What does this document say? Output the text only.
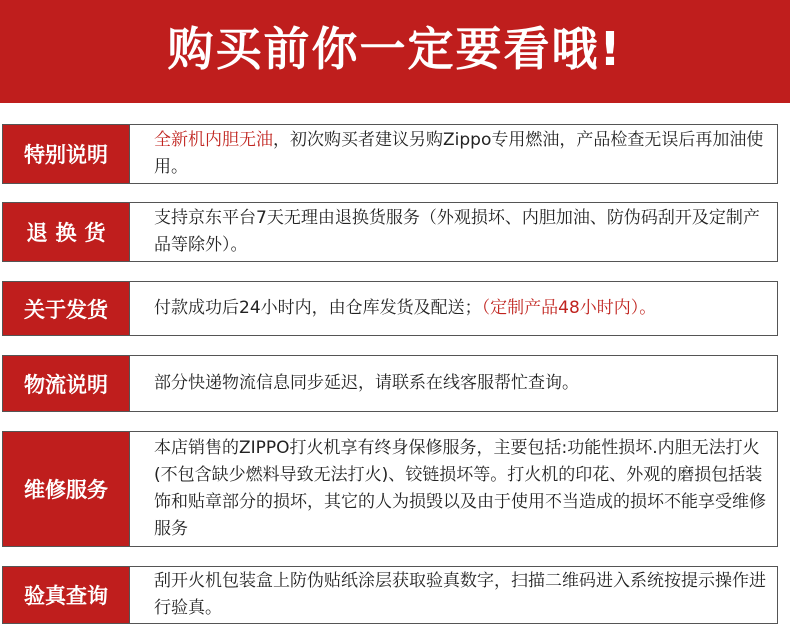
购买前你一定要看哦!
特别说明

全新机内胆无油，初次购买者建议另购Zippo专用燃油，产品检查无误后再加油使用。

退换货

支持京东平台7天无理由退换货服务（外观损坏、内胆加油、防伪码刮开及定制产品等除外）。

关于发货	付款成功后24小时内，由仓库发货及配送；（定制产品48小时内）。

物流说明	部分快递物流信息同步延迟，请联系在线客服帮忙查询。

维修服务

本店销售的ZIPPO打火机享有终身保修服务，主要包括:功能性损坏.内胆无法打火(不包含缺少燃料导致无法打火)、铰链损坏等。打火机的印花、外观的磨损包括装饰和贴章部分的损坏，其它的人为损毁以及由于使用不当造成的损坏不能享受维修服务

验真查询

刮开火机包装盒上防伪贴纸涂层获取验真数字，扫描二维码进入系统按提示操作进行验真。
